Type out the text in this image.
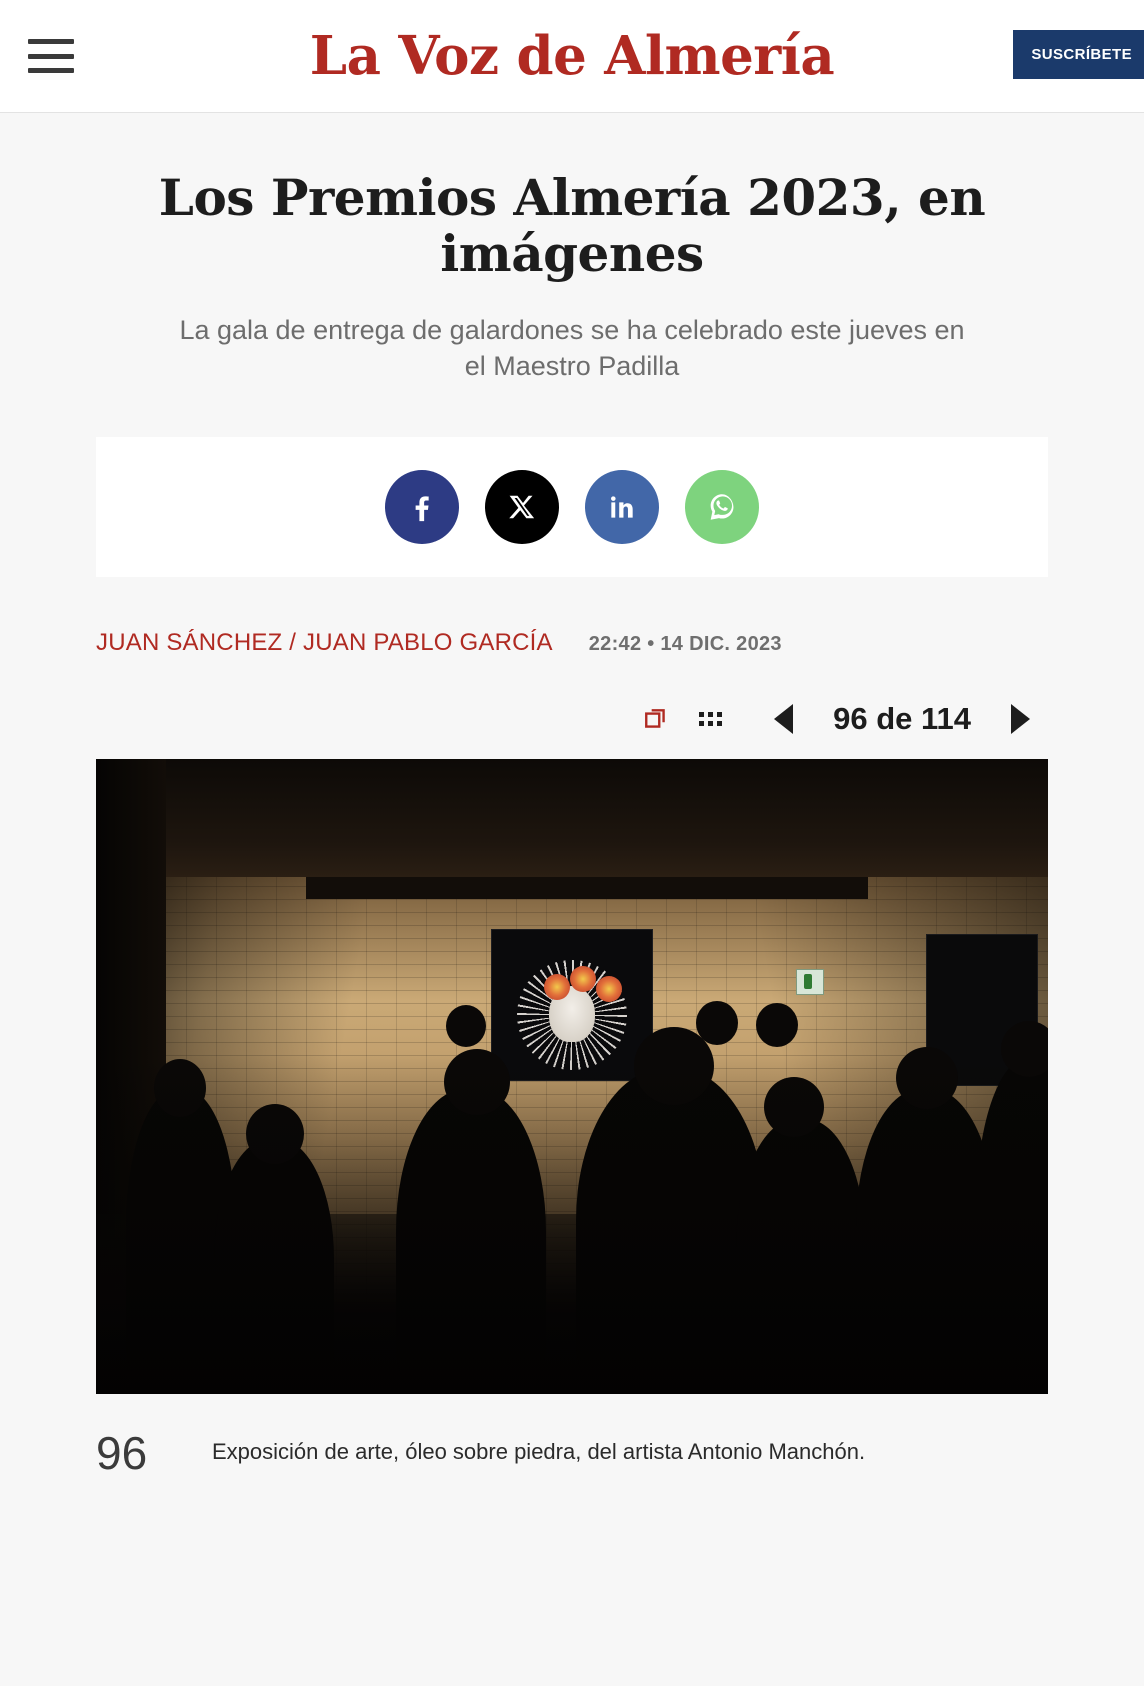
La Voz de Almería	SUSCRÍBETE
Los Premios Almería 2023, en imágenes

La gala de entrega de galardones se ha celebrado este jueves en el Maestro Padilla

JUAN SÁNCHEZ / JUAN PABLO GARCÍA 22:42 • 14 DIC. 2023
96 de 114
96	Exposición de arte, óleo sobre piedra, del artista Antonio Manchón.
